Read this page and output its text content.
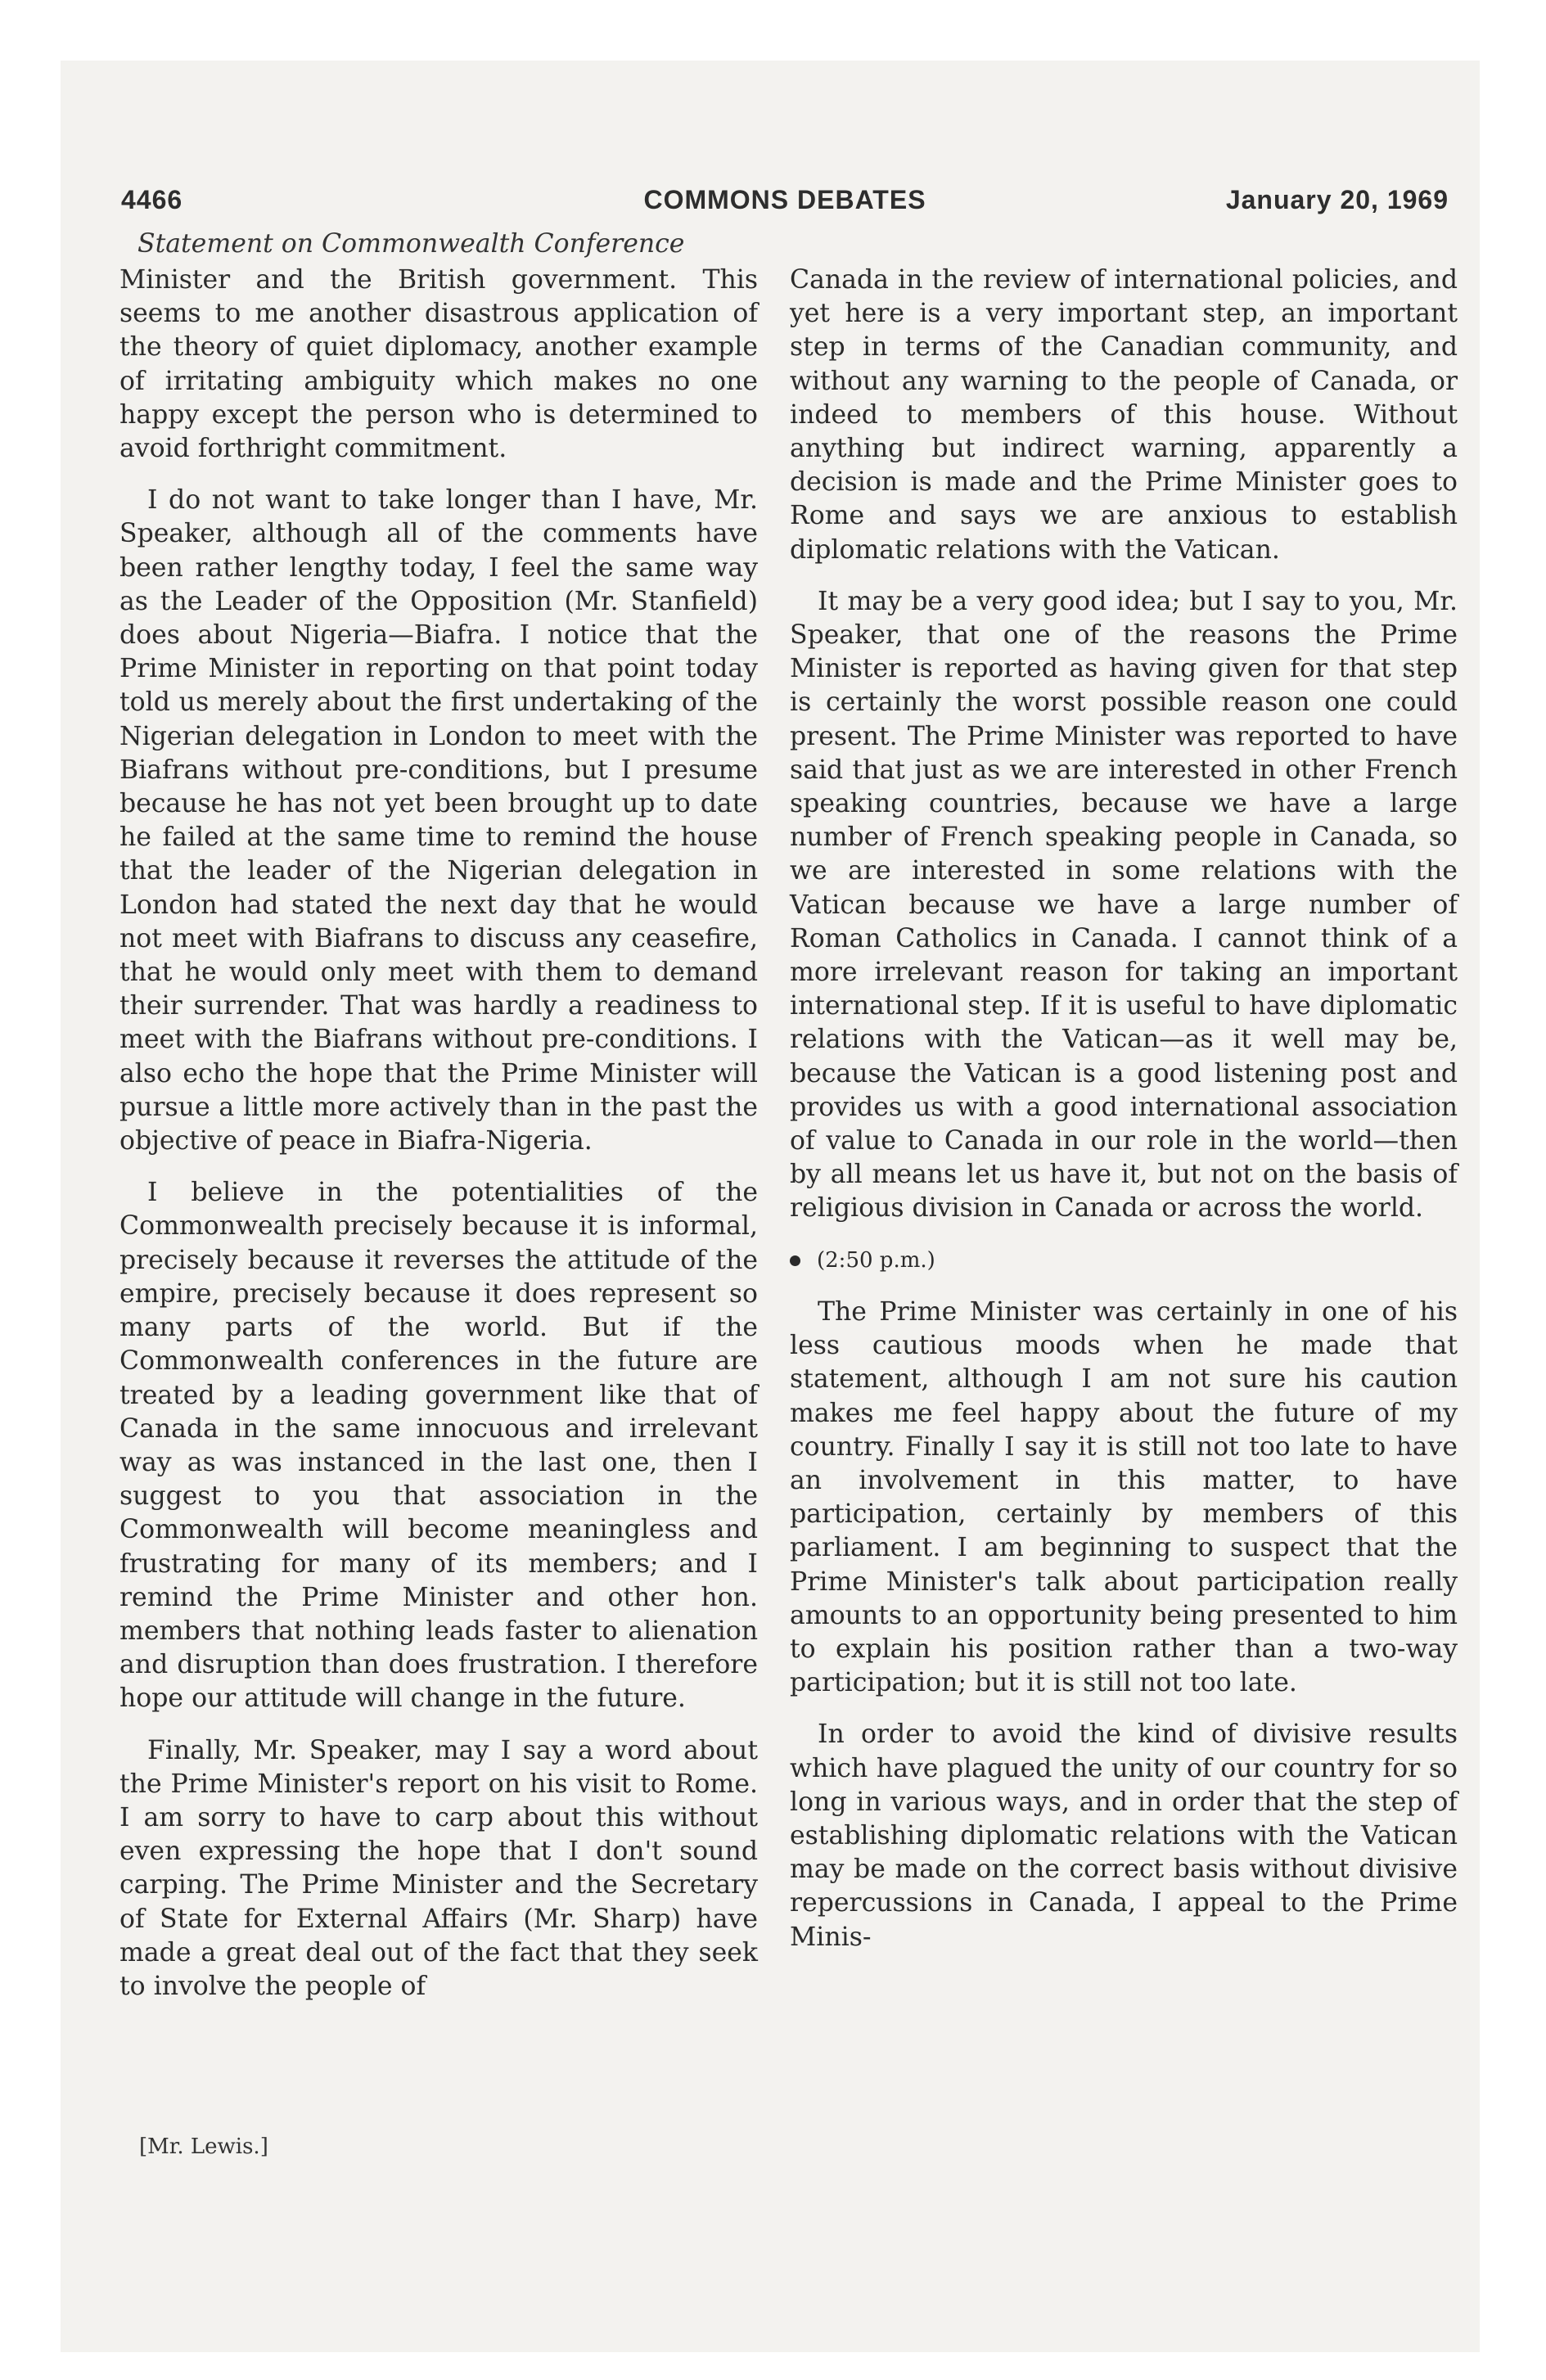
4466	COMMONS DEBATES	January 20, 1969
Statement on Commonwealth Conference

Minister and the British government. This seems to me another disastrous application of the theory of quiet diplomacy, another example of irritating ambiguity which makes no one happy except the person who is determined to avoid forthright commitment.

I do not want to take longer than I have, Mr. Speaker, although all of the comments have been rather lengthy today, I feel the same way as the Leader of the Opposition (Mr. Stanfield) does about Nigeria—Biafra. I notice that the Prime Minister in reporting on that point today told us merely about the first undertaking of the Nigerian delegation in London to meet with the Biafrans without pre-conditions, but I presume because he has not yet been brought up to date he failed at the same time to remind the house that the leader of the Nigerian delegation in London had stated the next day that he would not meet with Biafrans to discuss any ceasefire, that he would only meet with them to demand their surrender. That was hardly a readiness to meet with the Biafrans without pre-conditions. I also echo the hope that the Prime Minister will pursue a little more actively than in the past the objective of peace in Biafra-Nigeria.

I believe in the potentialities of the Commonwealth precisely because it is informal, precisely because it reverses the attitude of the empire, precisely because it does represent so many parts of the world. But if the Commonwealth conferences in the future are treated by a leading government like that of Canada in the same innocuous and irrelevant way as was instanced in the last one, then I suggest to you that association in the Commonwealth will become meaningless and frustrating for many of its members; and I remind the Prime Minister and other hon. members that nothing leads faster to alienation and disruption than does frustration. I therefore hope our attitude will change in the future.

Finally, Mr. Speaker, may I say a word about the Prime Minister's report on his visit to Rome. I am sorry to have to carp about this without even expressing the hope that I don't sound carping. The Prime Minister and the Secretary of State for External Affairs (Mr. Sharp) have made a great deal out of the fact that they seek to involve the people of

[Mr. Lewis.]

Canada in the review of international policies, and yet here is a very important step, an important step in terms of the Canadian community, and without any warning to the people of Canada, or indeed to members of this house. Without anything but indirect warning, apparently a decision is made and the Prime Minister goes to Rome and says we are anxious to establish diplomatic relations with the Vatican.

It may be a very good idea; but I say to you, Mr. Speaker, that one of the reasons the Prime Minister is reported as having given for that step is certainly the worst possible reason one could present. The Prime Minister was reported to have said that just as we are interested in other French speaking countries, because we have a large number of French speaking people in Canada, so we are interested in some relations with the Vatican because we have a large number of Roman Catholics in Canada. I cannot think of a more irrelevant reason for taking an important international step. If it is useful to have diplomatic relations with the Vatican—as it well may be, because the Vatican is a good listening post and provides us with a good international association of value to Canada in our role in the world—then by all means let us have it, but not on the basis of religious division in Canada or across the world.

(2:50 p.m.)

The Prime Minister was certainly in one of his less cautious moods when he made that statement, although I am not sure his caution makes me feel happy about the future of my country. Finally I say it is still not too late to have an involvement in this matter, to have participation, certainly by members of this parliament. I am beginning to suspect that the Prime Minister's talk about participation really amounts to an opportunity being presented to him to explain his position rather than a two-way participation; but it is still not too late.

In order to avoid the kind of divisive results which have plagued the unity of our country for so long in various ways, and in order that the step of establishing diplomatic relations with the Vatican may be made on the correct basis without divisive repercussions in Canada, I appeal to the Prime Minis-
